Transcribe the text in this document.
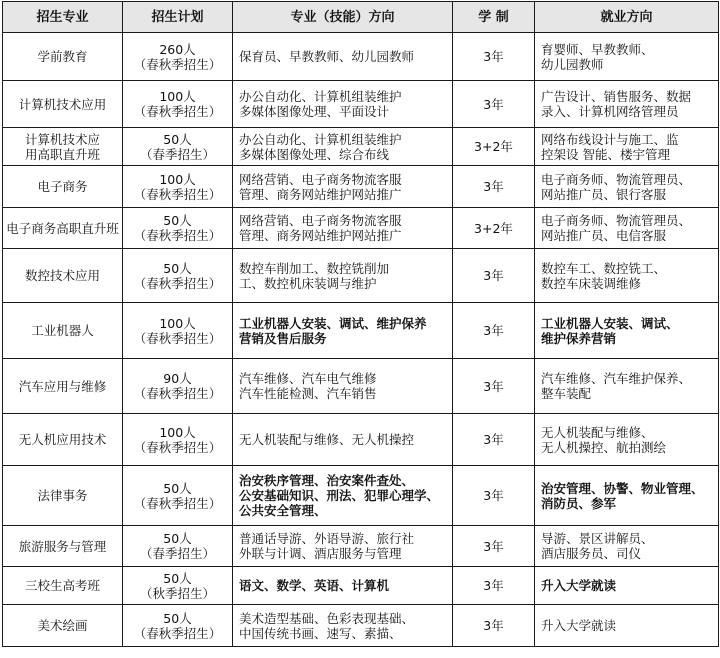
招生专业	招生计划	专业（技能）方向	学 制	就业方向

学前教育	260人
（春秋季招生）	保育员、早教教师、幼儿园教师	3年	育婴师、早教教师、
幼儿园教师

计算机技术应用	100人
（春秋季招生）	办公自动化、计算机组装维护
多媒体图像处理、平面设计	3年	广告设计、销售服务、数据
录入、计算机网络管理员

计算机技术应
用高职直升班	50人
（春季招生）	办公自动化、计算机组装维护
多媒体图像处理、综合布线	3+2年	网络布线设计与施工、监
控架设 智能、楼宇管理

电子商务	100人
（春秋季招生）	网络营销、电子商务物流客服
管理、商务网站维护网站推广	3年	电子商务师、物流管理员、
网站推广员、银行客服

电子商务高职直升班	50人
（春秋季招生）	网络营销、电子商务物流客服
管理、商务网站维护网站推广	3+2年	电子商务师、物流管理员、
网站推广员、电信客服

数控技术应用	50人
（春秋季招生）	数控车削加工、数控铣削加
工、数控机床装调与维护	3年	数控车工、数控铣工、
数控车床装调维修

工业机器人	100人
（春秋季招生）	工业机器人安装、调试、维护保养
营销及售后服务	3年	工业机器人安装、调试、
维护保养营销

汽车应用与维修	90人
（春秋季招生）	汽车维修、汽车电气维修
汽车性能检测、汽车销售	3年	汽车维修、汽车维护保养、
整车装配

无人机应用技术	100人
（春秋季招生）	无人机装配与维修、无人机操控	3年	无人机装配与维修、
无人机操控、航拍测绘

法律事务	50人
（春秋季招生）	治安秩序管理、治安案件查处、
公安基础知识、刑法、犯罪心理学、
公共安全管理、	3年	治安管理、协警、物业管理、
消防员、参军

旅游服务与管理	50人
（春季招生）	普通话导游、外语导游、旅行社
外联与计调、酒店服务与管理	3年	导游、景区讲解员、
酒店服务员、司仪

三校生高考班	50人
（秋季招生）	语文、数学、英语、计算机	3年	升入大学就读

美术绘画	50人
（春秋季招生）	美术造型基础、色彩表现基础、
中国传统书画、速写、素描、	3年	升入大学就读
